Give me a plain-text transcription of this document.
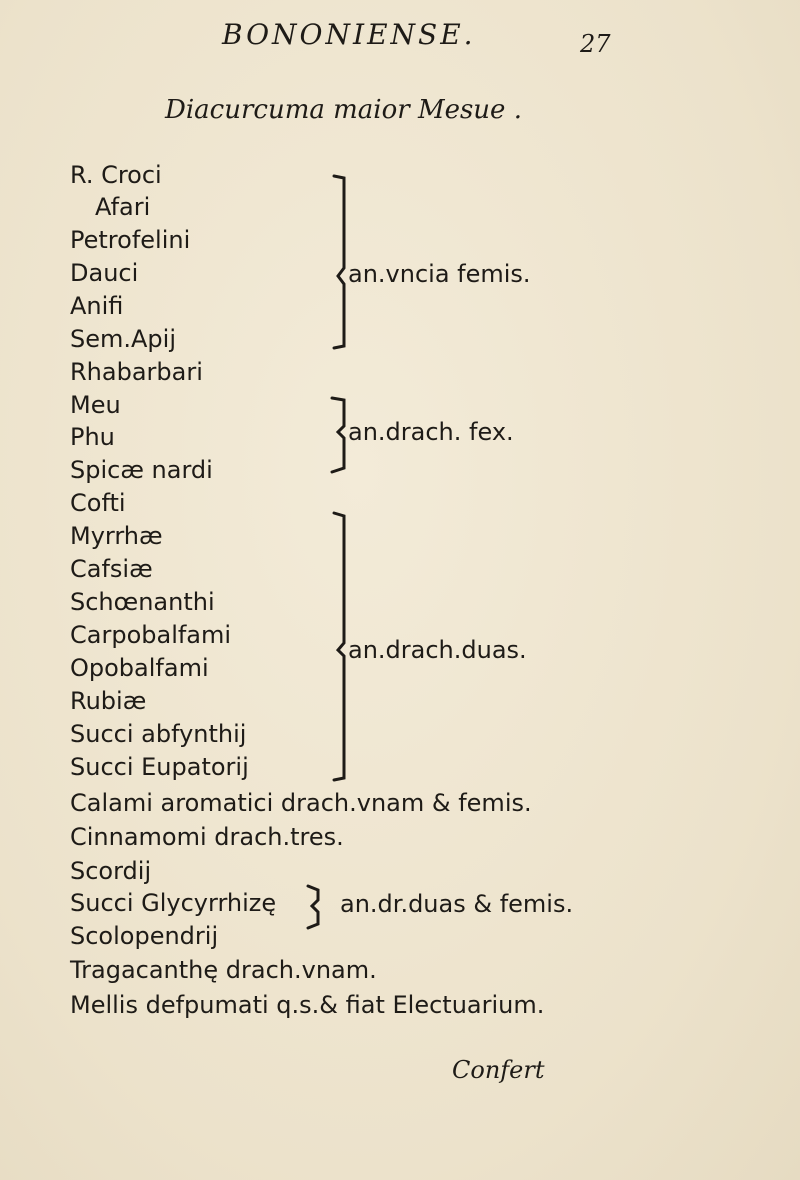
BONONIENSE.	27
Diacurcuma maior Mesue .
R. Croci
Afari
Petrofelini
Dauci
Anifi
Sem.Apij
Rhabarbari
Meu
Phu
Spicæ nardi
Cofti
Myrrhæ
Cafsiæ
Schœnanthi
Carpobalfami
Opobalfami
Rubiæ
Succi abfynthij
Succi Eupatorij
an.vncia femis.
an.drach. fex.
an.drach.duas.
Calami aromatici drach.vnam & femis.
Cinnamomi drach.tres.
Scordij
Succi Glycyrrhizę
Scolopendrij
an.dr.duas & femis.
Tragacanthę drach.vnam.
Mellis defpumati q.s.& fiat Electuarium.
Confert
